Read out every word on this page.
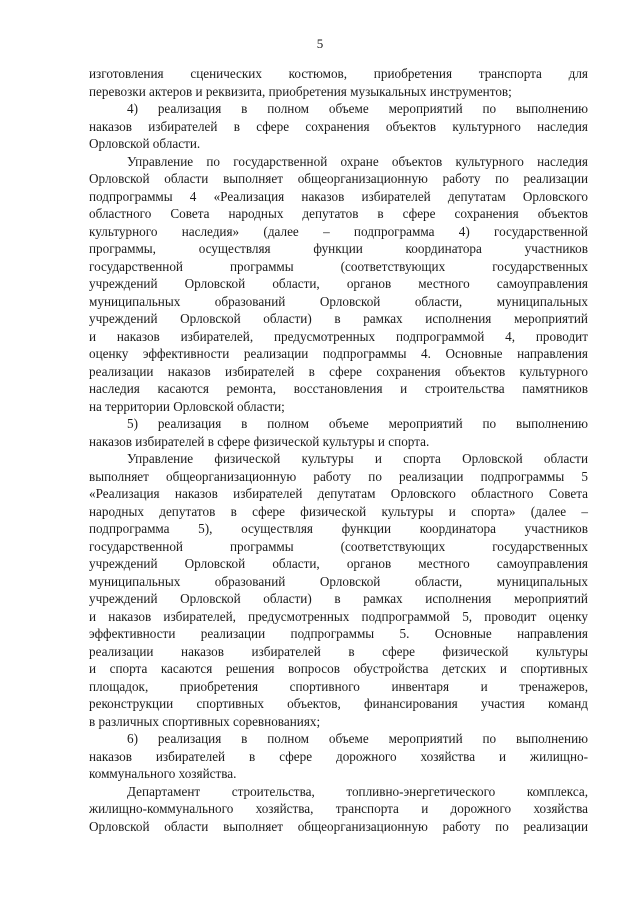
5
изготовления сценических костюмов, приобретения транспорта для
перевозки актеров и реквизита, приобретения музыкальных инструментов;
4) реализация в полном объеме мероприятий по выполнению
наказов избирателей в сфере сохранения объектов культурного наследия
Орловской области.
Управление по государственной охране объектов культурного наследия
Орловской области выполняет общеорганизационную работу по реализации
подпрограммы 4 «Реализация наказов избирателей депутатам Орловского
областного Совета народных депутатов в сфере сохранения объектов
культурного наследия» (далее – подпрограмма 4) государственной
программы, осуществляя функции координатора участников
государственной программы (соответствующих государственных
учреждений Орловской области, органов местного самоуправления
муниципальных образований Орловской области, муниципальных
учреждений Орловской области) в рамках исполнения мероприятий
и наказов избирателей, предусмотренных подпрограммой 4, проводит
оценку эффективности реализации подпрограммы 4. Основные направления
реализации наказов избирателей в сфере сохранения объектов культурного
наследия касаются ремонта, восстановления и строительства памятников
на территории Орловской области;
5) реализация в полном объеме мероприятий по выполнению
наказов избирателей в сфере физической культуры и спорта.
Управление физической культуры и спорта Орловской области
выполняет общеорганизационную работу по реализации подпрограммы 5
«Реализация наказов избирателей депутатам Орловского областного Совета
народных депутатов в сфере физической культуры и спорта» (далее –
подпрограмма 5), осуществляя функции координатора участников
государственной программы (соответствующих государственных
учреждений Орловской области, органов местного самоуправления
муниципальных образований Орловской области, муниципальных
учреждений Орловской области) в рамках исполнения мероприятий
и наказов избирателей, предусмотренных подпрограммой 5, проводит оценку
эффективности реализации подпрограммы 5. Основные направления
реализации наказов избирателей в сфере физической культуры
и спорта касаются решения вопросов обустройства детских и спортивных
площадок, приобретения спортивного инвентаря и тренажеров,
реконструкции спортивных объектов, финансирования участия команд
в различных спортивных соревнованиях;
6) реализация в полном объеме мероприятий по выполнению
наказов избирателей в сфере дорожного хозяйства и жилищно-
коммунального хозяйства.
Департамент строительства, топливно-энергетического комплекса,
жилищно-коммунального хозяйства, транспорта и дорожного хозяйства
Орловской области выполняет общеорганизационную работу по реализации
